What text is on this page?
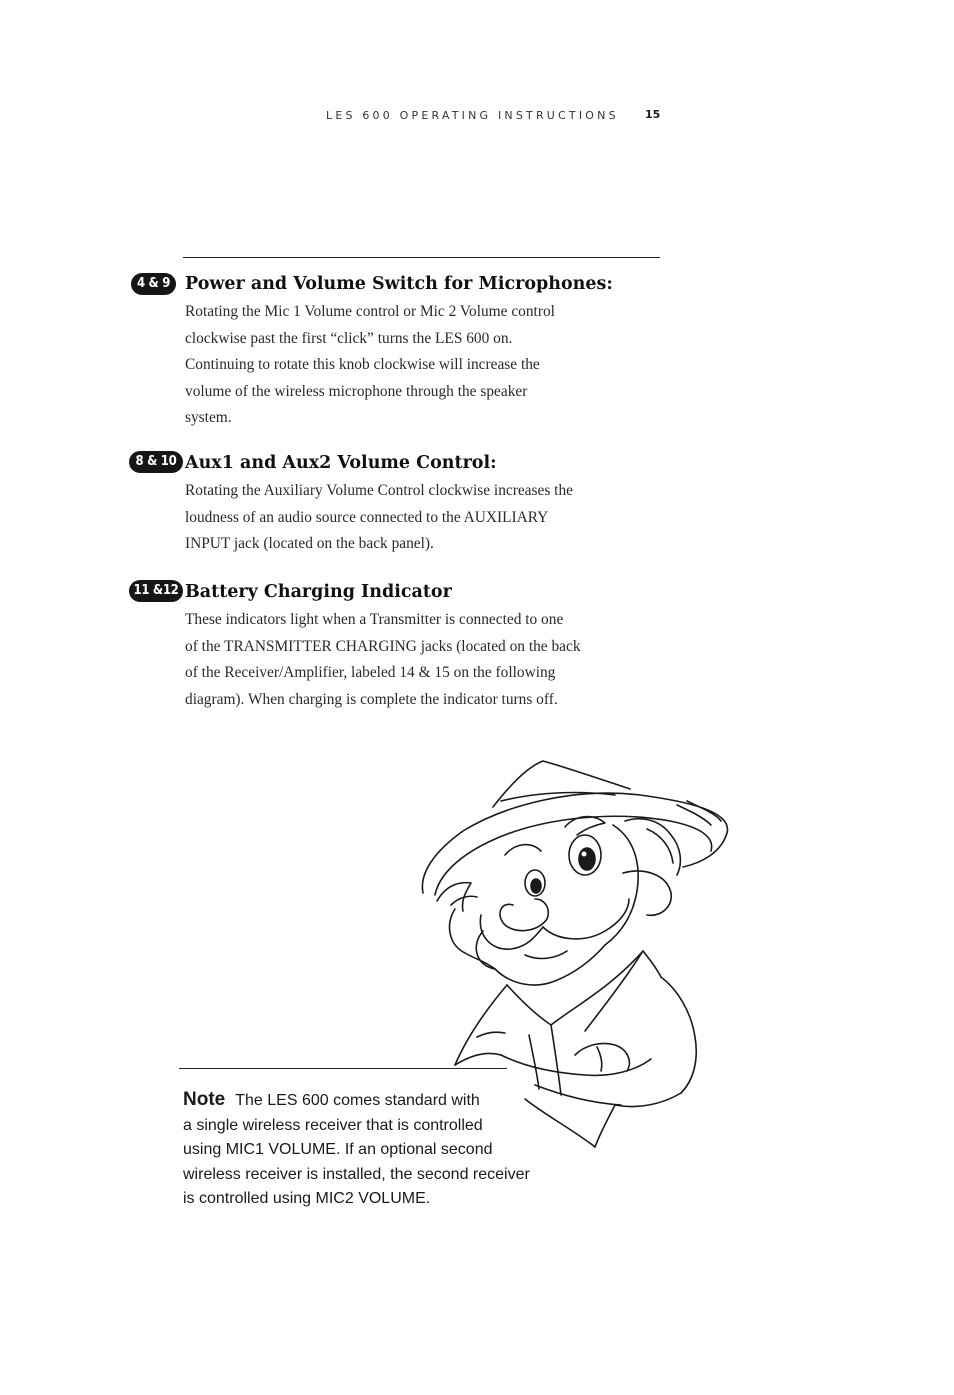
LES 600 OPERATING INSTRUCTIONS 15
4 & 9 Power and Volume Switch for Microphones:

Rotating the Mic 1 Volume control or Mic 2 Volume control
clockwise past the first “click” turns the LES 600 on.
Continuing to rotate this knob clockwise will increase the
volume of the wireless microphone through the speaker
system.

8 & 10 Aux1 and Aux2 Volume Control:

Rotating the Auxiliary Volume Control clockwise increases the
loudness of an audio source connected to the AUXILIARY
INPUT jack (located on the back panel).

11 &12 Battery Charging Indicator

These indicators light when a Transmitter is connected to one
of the TRANSMITTER CHARGING jacks (located on the back
of the Receiver/Amplifier, labeled 14 & 15 on the following
diagram). When charging is complete the indicator turns off.

Note The LES 600 comes standard with
a single wireless receiver that is controlled
using MIC1 VOLUME. If an optional second
wireless receiver is installed, the second receiver
is controlled using MIC2 VOLUME.
